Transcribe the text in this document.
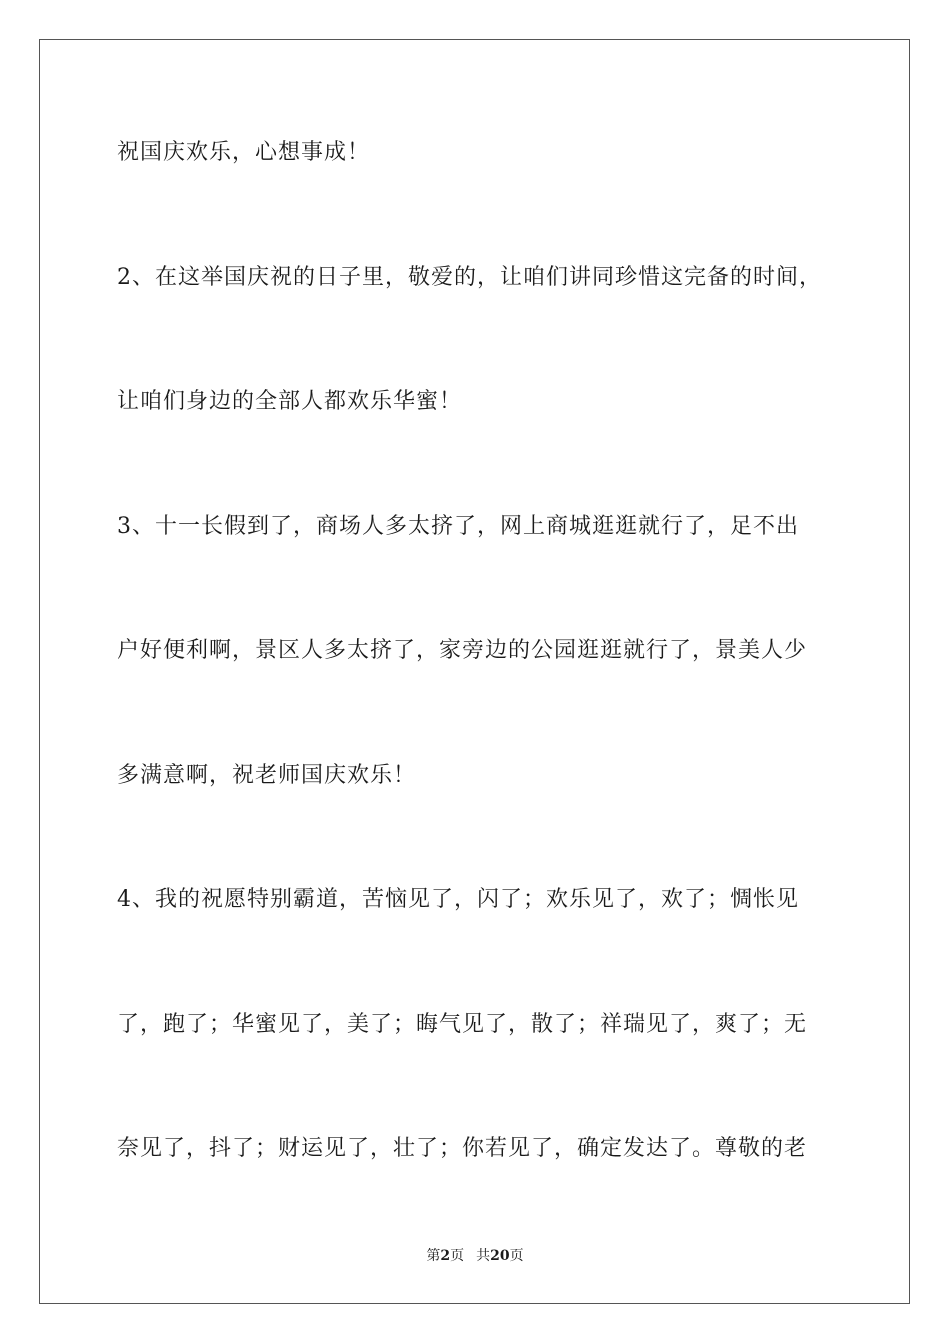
祝国庆欢乐，心想事成！
2、在这举国庆祝的日子里，敬爱的，让咱们讲同珍惜这完备的时间，
让咱们身边的全部人都欢乐华蜜！
3、十一长假到了，商场人多太挤了，网上商城逛逛就行了，足不出
户好便利啊，景区人多太挤了，家旁边的公园逛逛就行了，景美人少
多满意啊，祝老师国庆欢乐！
4、我的祝愿特别霸道，苦恼见了，闪了；欢乐见了，欢了；惆怅见
了，跑了；华蜜见了，美了；晦气见了，散了；祥瑞见了，爽了；无
奈见了，抖了；财运见了，壮了；你若见了，确定发达了。尊敬的老
第2页 共20页
